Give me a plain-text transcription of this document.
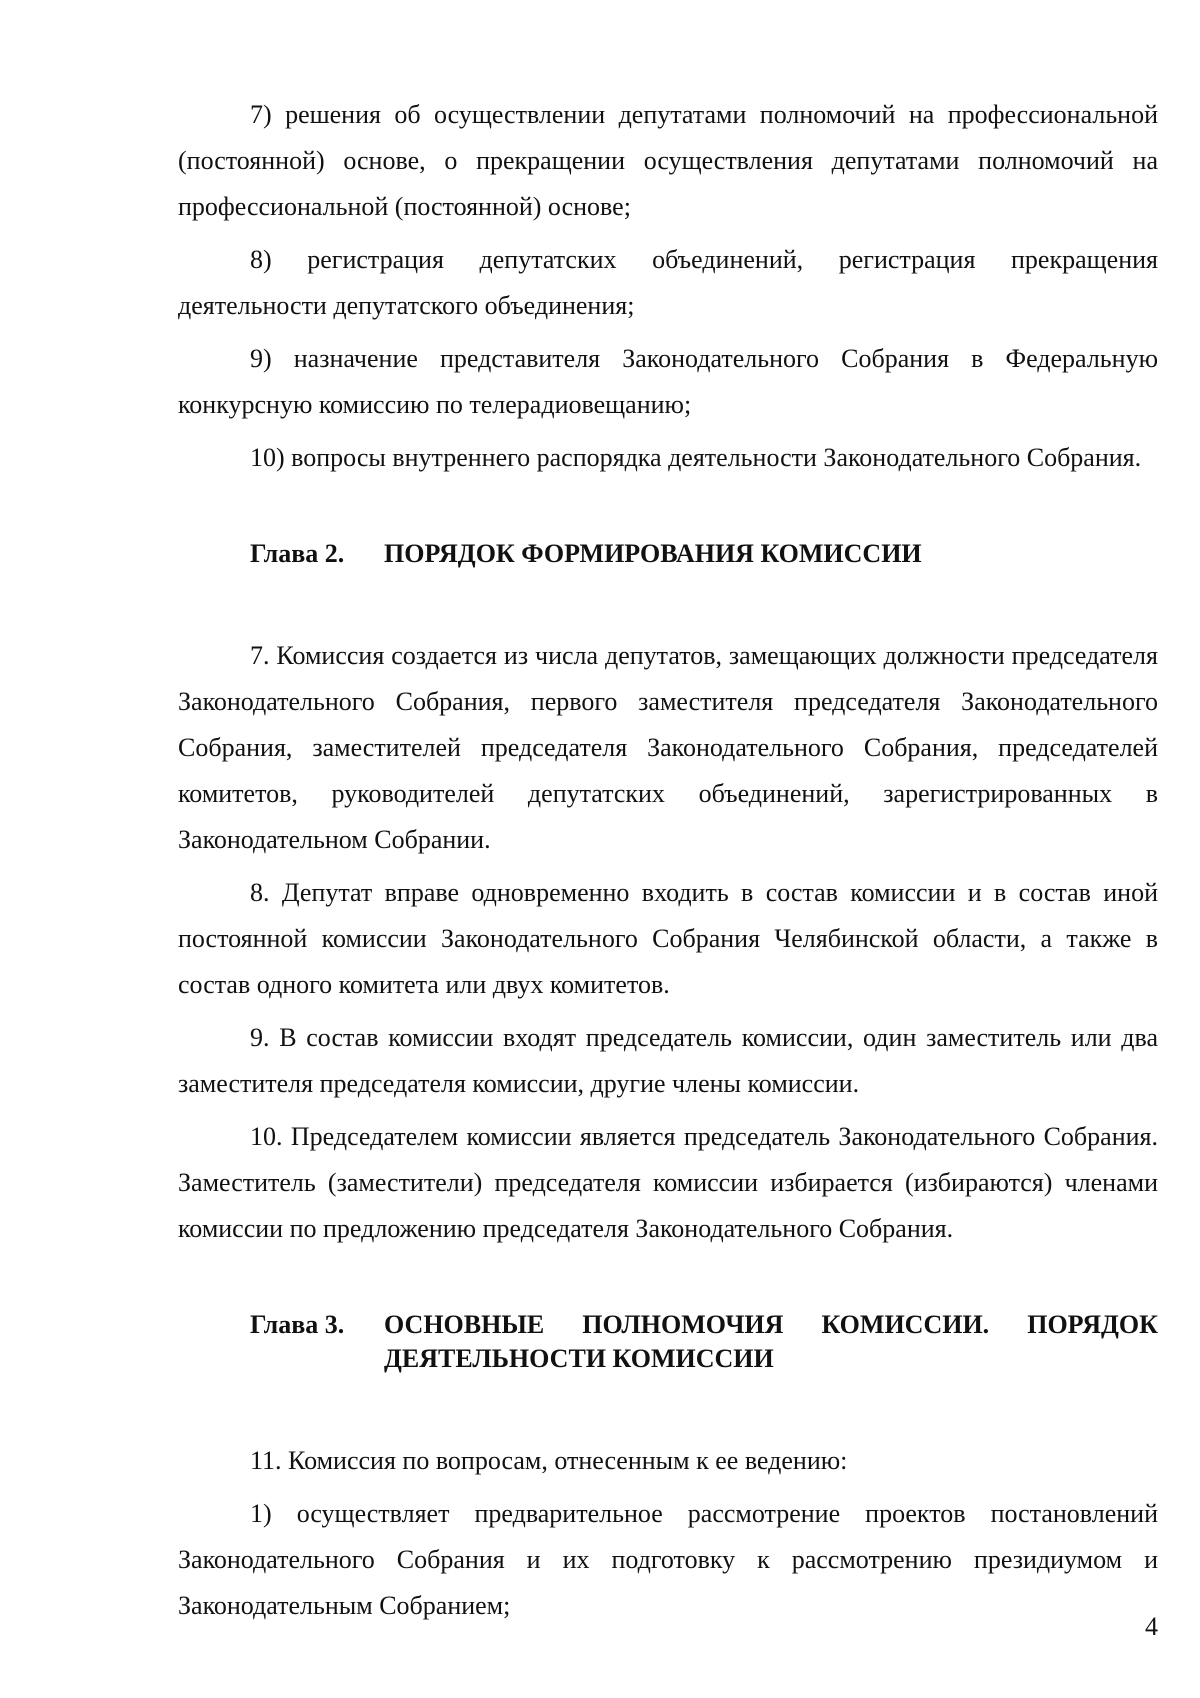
7) решения об осуществлении депутатами полномочий на профессиональной (постоянной) основе, о прекращении осуществления депутатами полномочий на профессиональной (постоянной) основе;

8) регистрация депутатских объединений, регистрация прекращения деятельности депутатского объединения;

9) назначение представителя Законодательного Собрания в Федеральную конкурсную комиссию по телерадиовещанию;

10) вопросы внутреннего распорядка деятельности Законодательного Собрания.

Глава 2.	ПОРЯДОК ФОРМИРОВАНИЯ КОМИССИИ

7. Комиссия создается из числа депутатов, замещающих должности председателя Законодательного Собрания, первого заместителя председателя Законодательного Собрания, заместителей председателя Законодательного Собрания, председателей комитетов, руководителей депутатских объединений, зарегистрированных в Законодательном Собрании.

8. Депутат вправе одновременно входить в состав комиссии и в состав иной постоянной комиссии Законодательного Собрания Челябинской области, а также в состав одного комитета или двух комитетов.

9. В состав комиссии входят председатель комиссии, один заместитель или два заместителя председателя комиссии, другие члены комиссии.

10. Председателем комиссии является председатель Законодательного Собрания. Заместитель (заместители) председателя комиссии избирается (избираются) членами комиссии по предложению председателя Законодательного Собрания.

Глава 3.	ОСНОВНЫЕ ПОЛНОМОЧИЯ КОМИССИИ. ПОРЯДОК ДЕЯТЕЛЬНОСТИ КОМИССИИ

11. Комиссия по вопросам, отнесенным к ее ведению:

1) осуществляет предварительное рассмотрение проектов постановлений Законодательного Собрания и их подготовку к рассмотрению президиумом и Законодательным Собранием;

4
